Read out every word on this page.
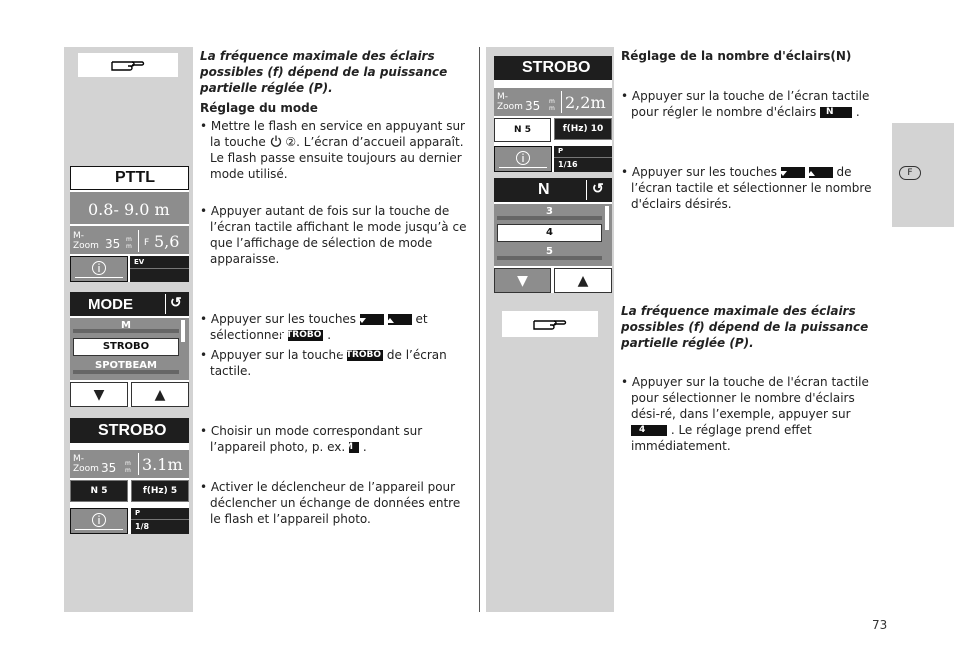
PTTL
0.8- 9.0 m
M-
Zoom 35 m
m F 5,6
EV
MODE	↺
M
STROBO
SPOTBEAM
▼	▲
STROBO
M-
Zoom 35 m
m 3.1m
N 5	f(Hz) 5
P
1/8

La fréquence maximale des éclairs possibles (f) dépend de la puissance partielle réglée (P).

Réglage du mode

• Mettre le flash en service en appuyant sur la touche ②. L’écran d’accueil apparaît. Le flash passe ensuite toujours au dernier mode utilisé.

• Appuyer autant de fois sur la touche de l’écran tactile affichant le mode jusqu’à ce que l’affichage de sélection de mode apparaisse.

• Appuyer sur les touches	et sélectionner STROBO .

• Appuyer sur la touche STROBO de l’écran tactile.

• Choisir un mode correspondant sur l’appareil photo, p. ex. M .
• Activer le déclencheur de l’appareil pour déclencher un échange de données entre le flash et l’appareil photo.
STROBO
M-
Zoom 35 m
m 2,2m
N 5	f(Hz) 10
P
1/16
N	↺
3
4
5
▼	▲
Réglage de la nombre d'éclairs(N)
• Appuyer sur la touche de l’écran tactile pour régler le nombre d'éclairs N .
• Appuyer sur les touches	de l’écran tactile et sélectionner le nombre d'éclairs désirés.
La fréquence maximale des éclairs possibles (f) dépend de la puissance partielle réglée (P).
• Appuyer sur la touche de l'écran tactile pour sélectionner le nombre d'éclairs dési-ré, dans l’exemple, appuyer sur 4 . Le réglage prend effet immédiatement.
F
73
